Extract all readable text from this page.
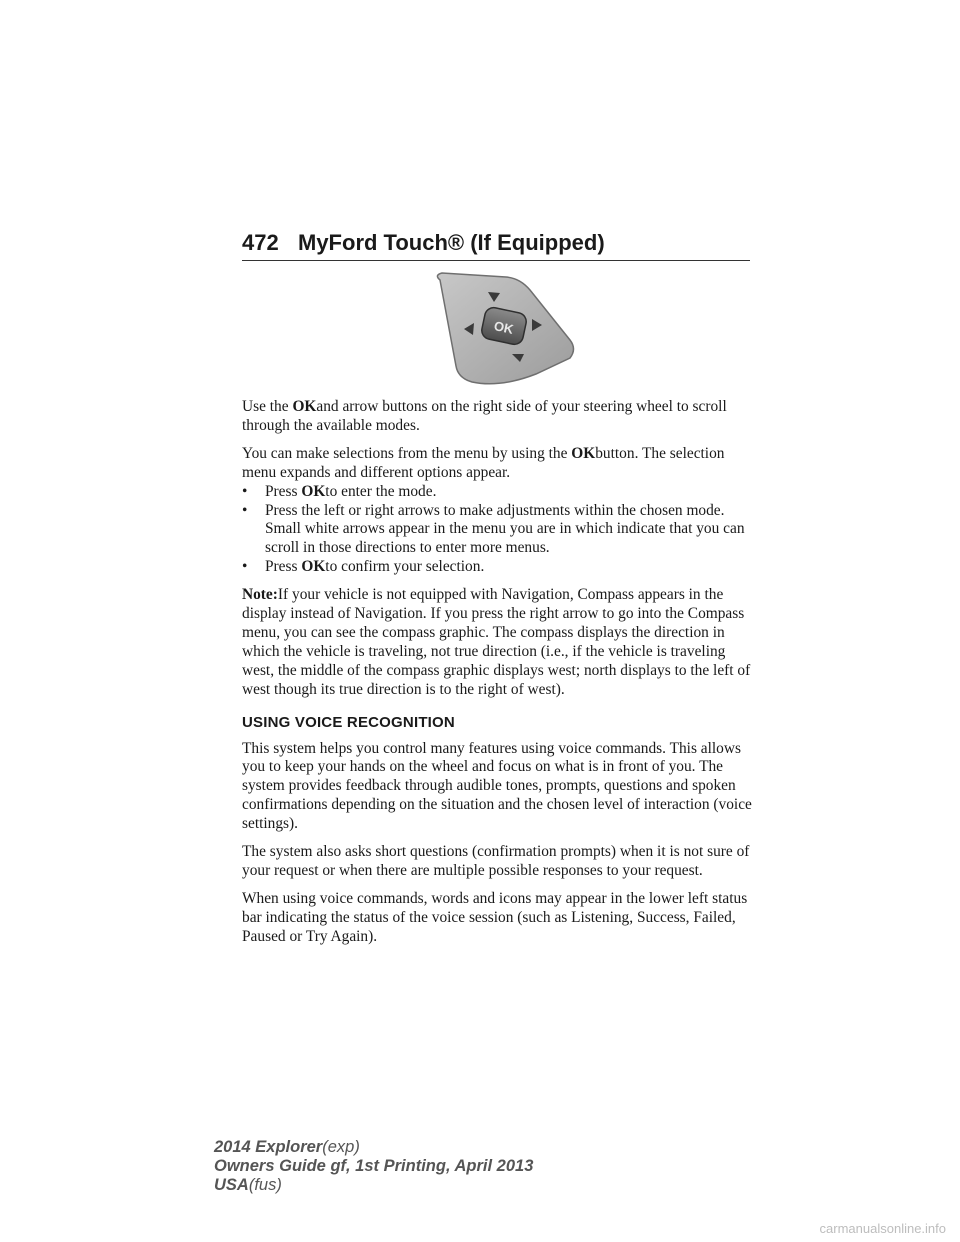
472 MyFord Touch® (If Equipped)
OK

Use the OKand arrow buttons on the right side of your steering wheel to scroll through the available modes.

You can make selections from the menu by using the OKbutton. The selection menu expands and different options appear.

• Press OKto enter the mode.
• Press the left or right arrows to make adjustments within the chosen mode. Small white arrows appear in the menu you are in which indicate that you can scroll in those directions to enter more menus.
• Press OKto confirm your selection.

Note:If your vehicle is not equipped with Navigation, Compass appears in the display instead of Navigation. If you press the right arrow to go into the Compass menu, you can see the compass graphic. The compass displays the direction in which the vehicle is traveling, not true direction (i.e., if the vehicle is traveling west, the middle of the compass graphic displays west; north displays to the left of west though its true direction is to the right of west).

USING VOICE RECOGNITION

This system helps you control many features using voice commands. This allows you to keep your hands on the wheel and focus on what is in front of you. The system provides feedback through audible tones, prompts, questions and spoken confirmations depending on the situation and the chosen level of interaction (voice settings).

The system also asks short questions (confirmation prompts) when it is not sure of your request or when there are multiple possible responses to your request.

When using voice commands, words and icons may appear in the lower left status bar indicating the status of the voice session (such as Listening, Success, Failed, Paused or Try Again).

2014 Explorer(exp)
Owners Guide gf, 1st Printing, April 2013
USA(fus)
carmanualsonline.info
